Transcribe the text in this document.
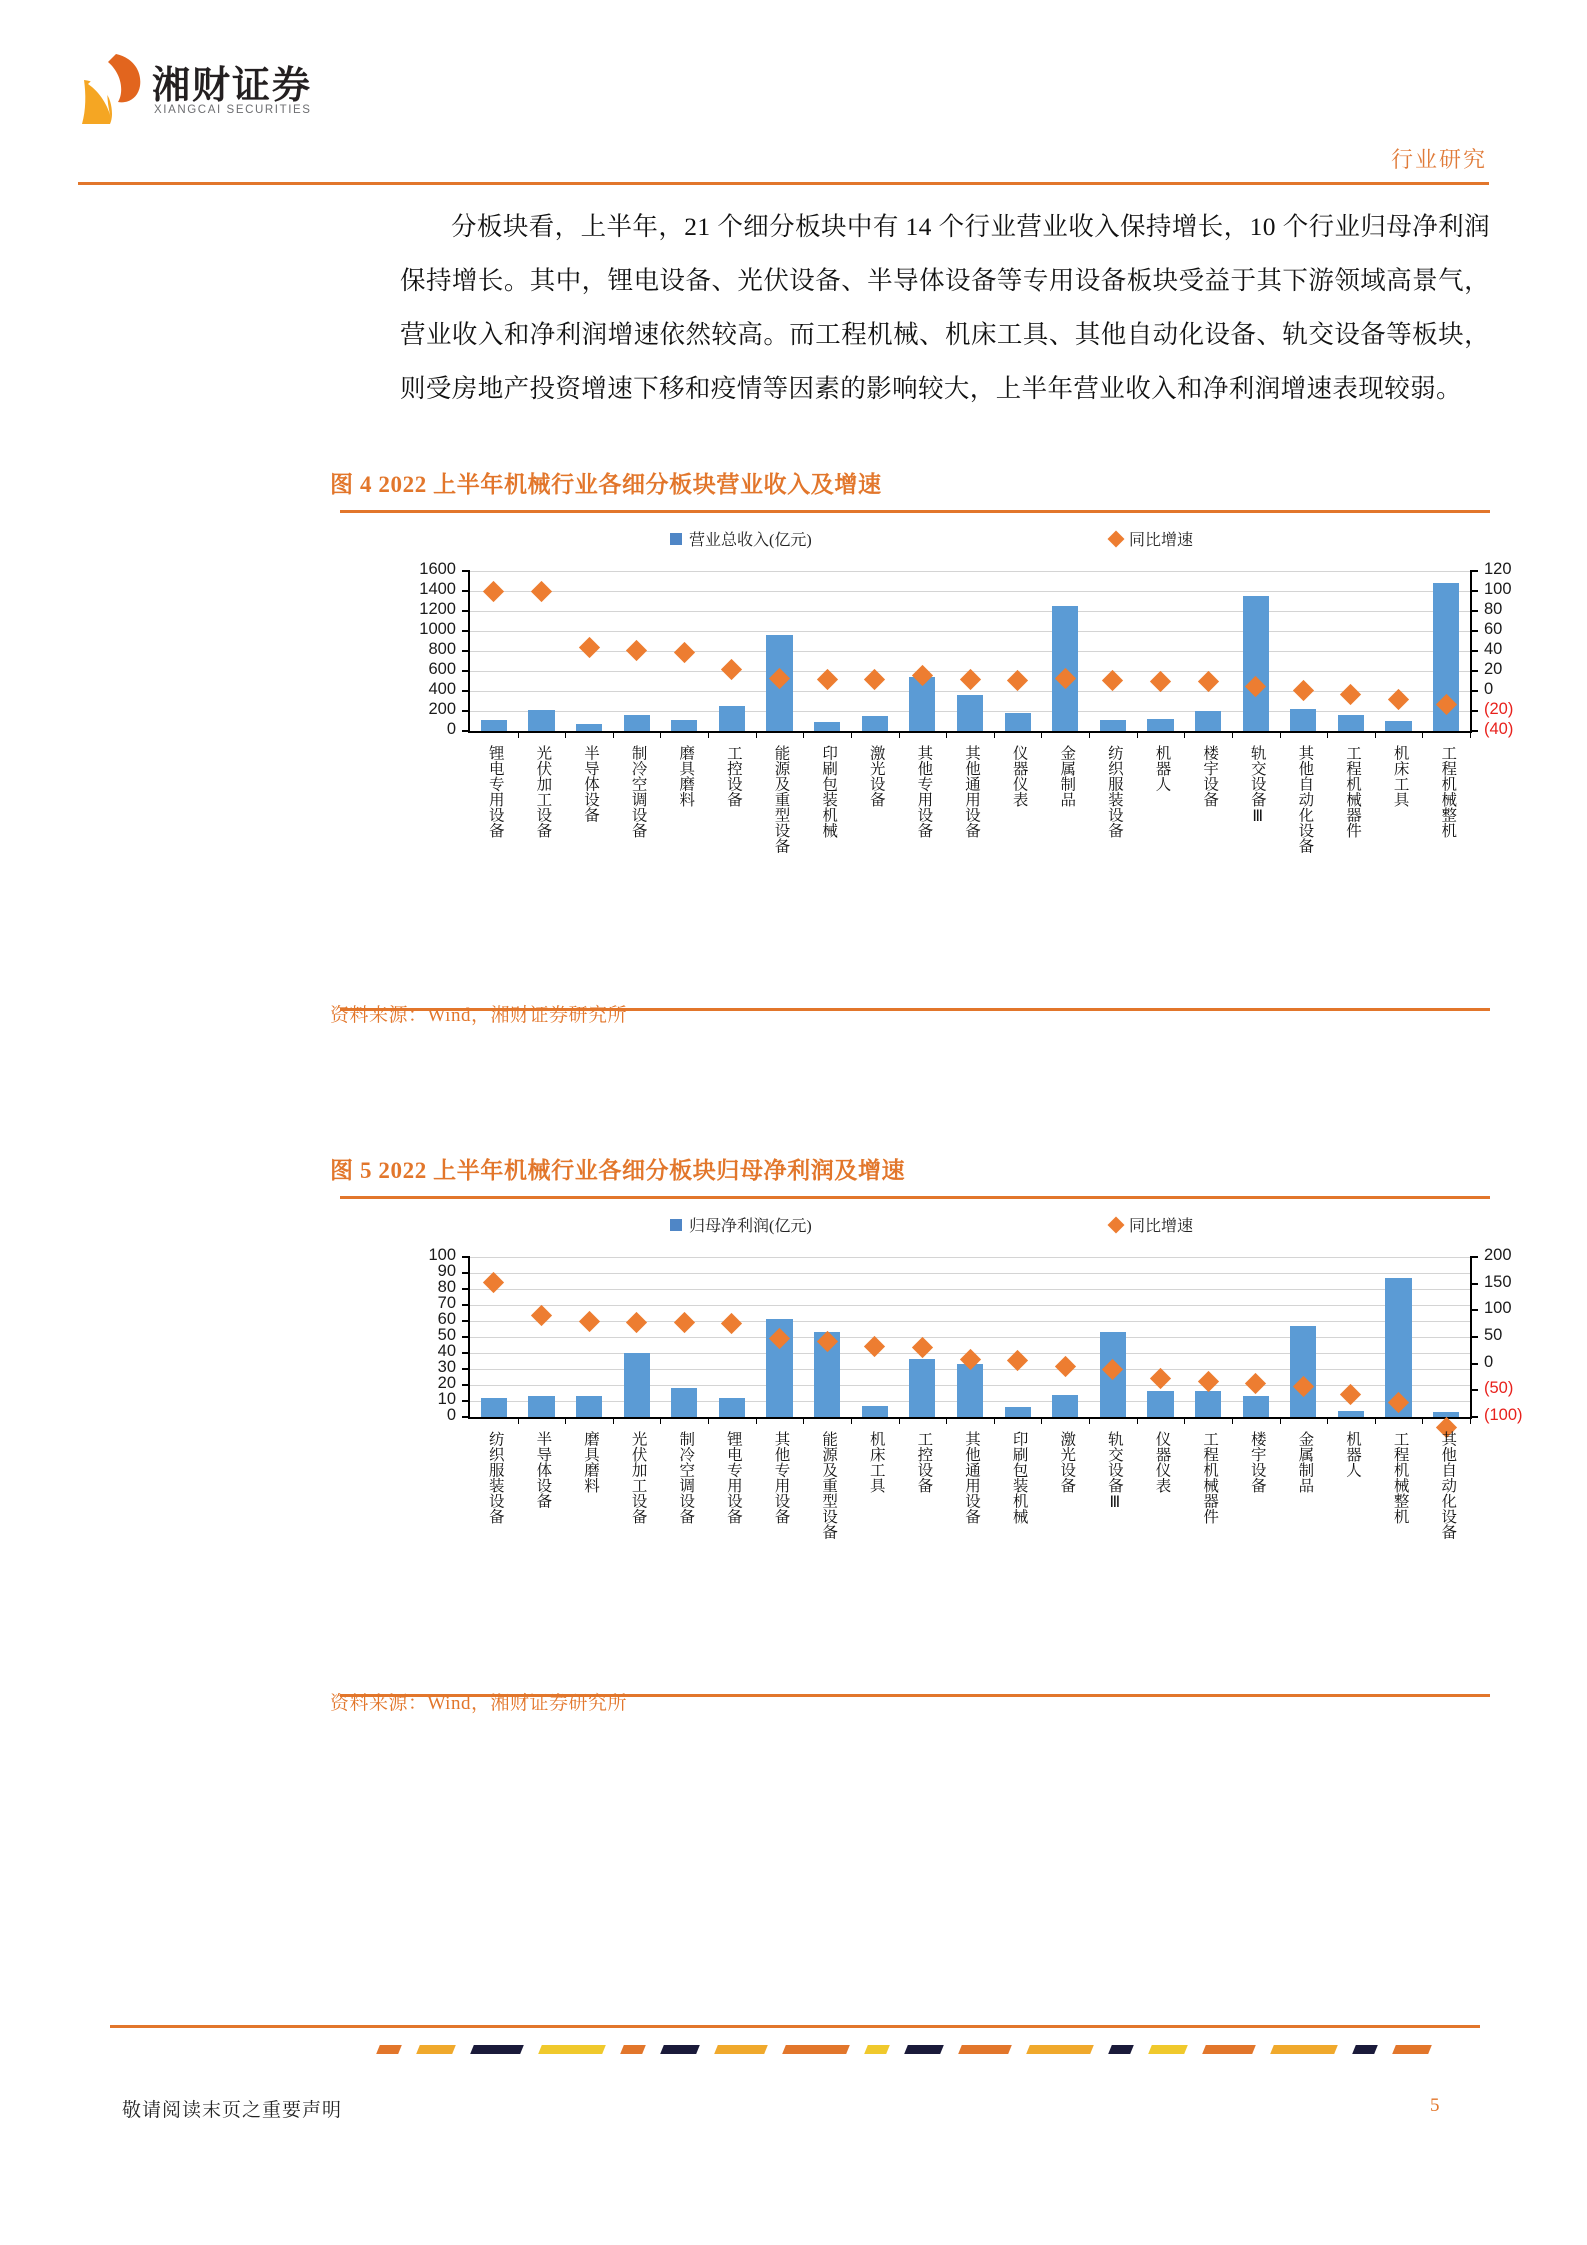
湘财证券
XIANGCAI SECURITIES
行业研究
分板块看，上半年，21 个细分板块中有 14 个行业营业收入保持增长，10 个行业归母净利润保持增长。其中，锂电设备、光伏设备、半导体设备等专用设备板块受益于其下游领域高景气，营业收入和净利润增速依然较高。而工程机械、机床工具、其他自动化设备、轨交设备等板块，则受房地产投资增速下移和疫情等因素的影响较大，上半年营业收入和净利润增速表现较弱。
图 4 2022 上半年机械行业各细分板块营业收入及增速
营业总收入(亿元)	同比增速
0
200
400
600
800
1000
1200
1400
1600
(40)
(20)
0
20
40
60
80
100
120
锂电专用设备 光伏加工设备 半导体设备 制冷空调设备 磨具磨料 工控设备 能源及重型设备 印刷包装机械 激光设备 其他专用设备 其他通用设备 仪器仪表 金属制品 纺织服装设备 机器人 楼宇设备 轨交设备Ⅲ 其他自动化设备 工程机械器件 机床工具 工程机械整机
资料来源：Wind，湘财证券研究所
图 5 2022 上半年机械行业各细分板块归母净利润及增速
归母净利润(亿元)	同比增速
0
10
20
30
40
50
60
70
80
90
100
(100)
(50)
0
50
100
150
200
纺织服装设备 半导体设备 磨具磨料 光伏加工设备 制冷空调设备 锂电专用设备 其他专用设备 能源及重型设备 机床工具 工控设备 其他通用设备 印刷包装机械 激光设备 轨交设备Ⅲ 仪器仪表 工程机械器件 楼宇设备 金属制品 机器人 工程机械整机 其他自动化设备
资料来源：Wind，湘财证券研究所
敬请阅读末页之重要声明	5
